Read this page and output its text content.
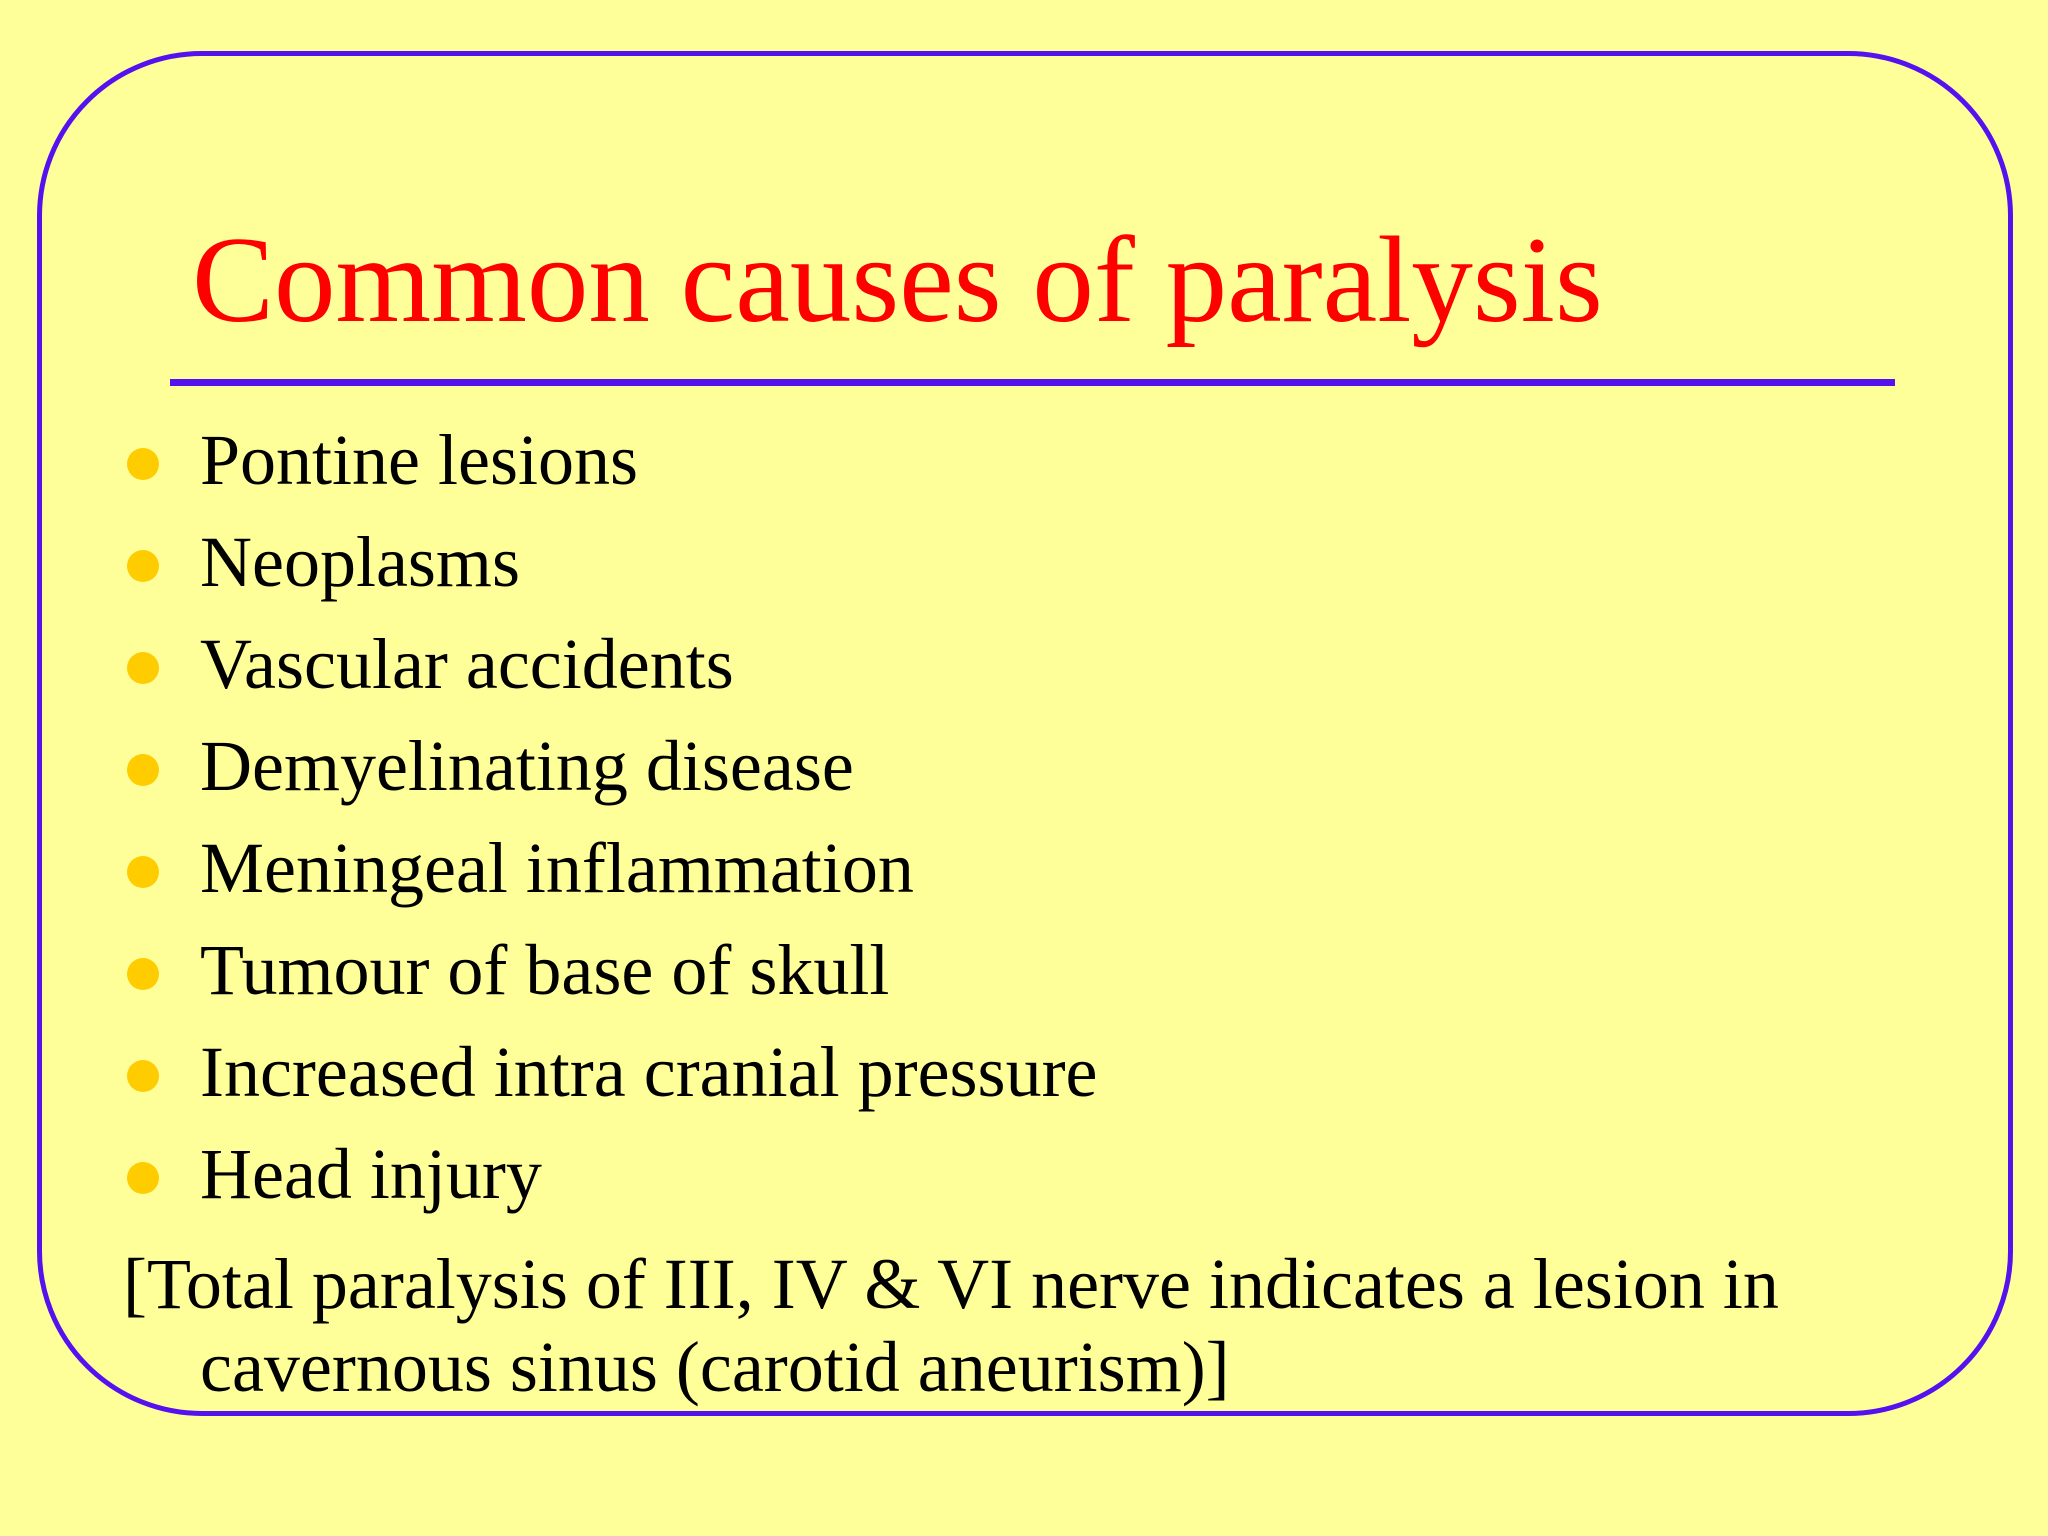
Common causes of paralysis
Pontine lesions
Neoplasms
Vascular accidents
Demyelinating disease
Meningeal inflammation
Tumour of base of skull
Increased intra cranial pressure
Head injury

[Total paralysis of III, IV & VI nerve indicates a lesion in
cavernous sinus (carotid aneurism)]
